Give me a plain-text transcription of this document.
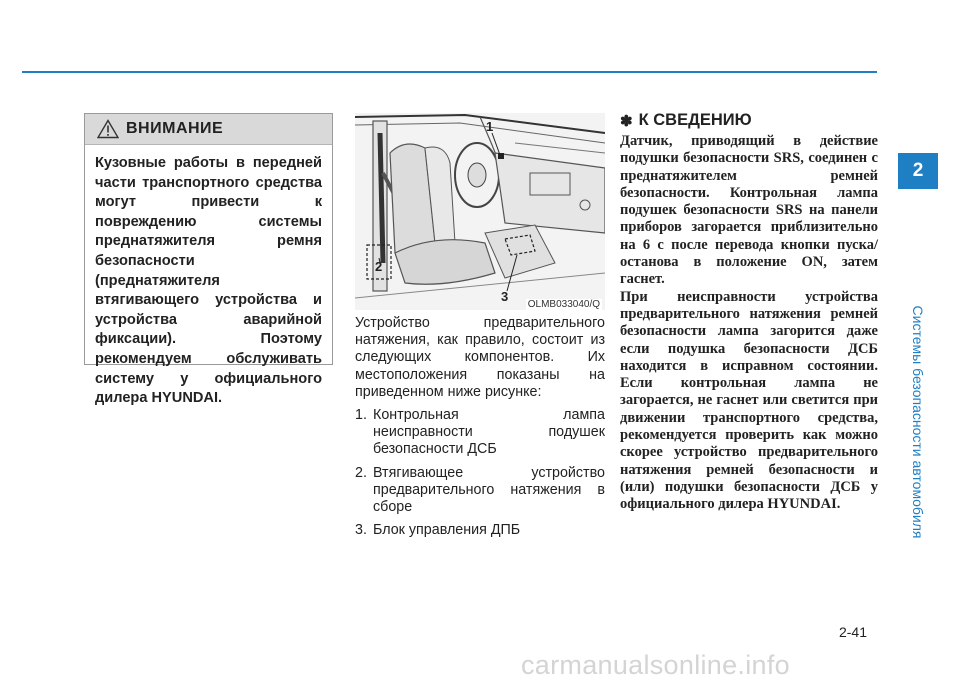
ВНИМАНИЕ
Кузовные работы в передней части транспортного средства могут привести к повреждению системы преднатяжителя ремня безопасности (преднатяжителя втягивающего устройства и устройства аварийной фиксации). Поэтому рекомендуем обслуживать систему у официального дилера HYUNDAI.
1
2
3
OLMB033040/Q

Устройство предварительного натяжения, как правило, состоит из следующих компонентов. Их местоположения показаны на приведенном ниже рисунке:

1. Контрольная лампа неисправности подушек безопасности ДСБ
2. Втягивающее устройство предварительного натяжения в сборе
3. Блок управления ДПБ
✽ К СВЕДЕНИЮ

Датчик, приводящий в действие подушки безопасности SRS, соединен с преднатяжителем ремней безопасности. Контрольная лампа подушек безопасности SRS на панели приборов загорается приблизительно на 6 с после перевода кнопки пуска/останова в положение ON, затем гаснет.

При неисправности устройства предварительного натяжения ремней безопасности лампа загорится даже если подушка безопасности ДСБ находится в исправном состоянии. Если контрольная лампа не загорается, не гаснет или светится при движении транспортного средства, рекомендуется проверить как можно скорее устройство предварительного натяжения ремней безопасности и (или) подушки безопасности ДСБ у официального дилера HYUNDAI.

2
Системы безопасности автомобиля
2-41
carmanualsonline.info
